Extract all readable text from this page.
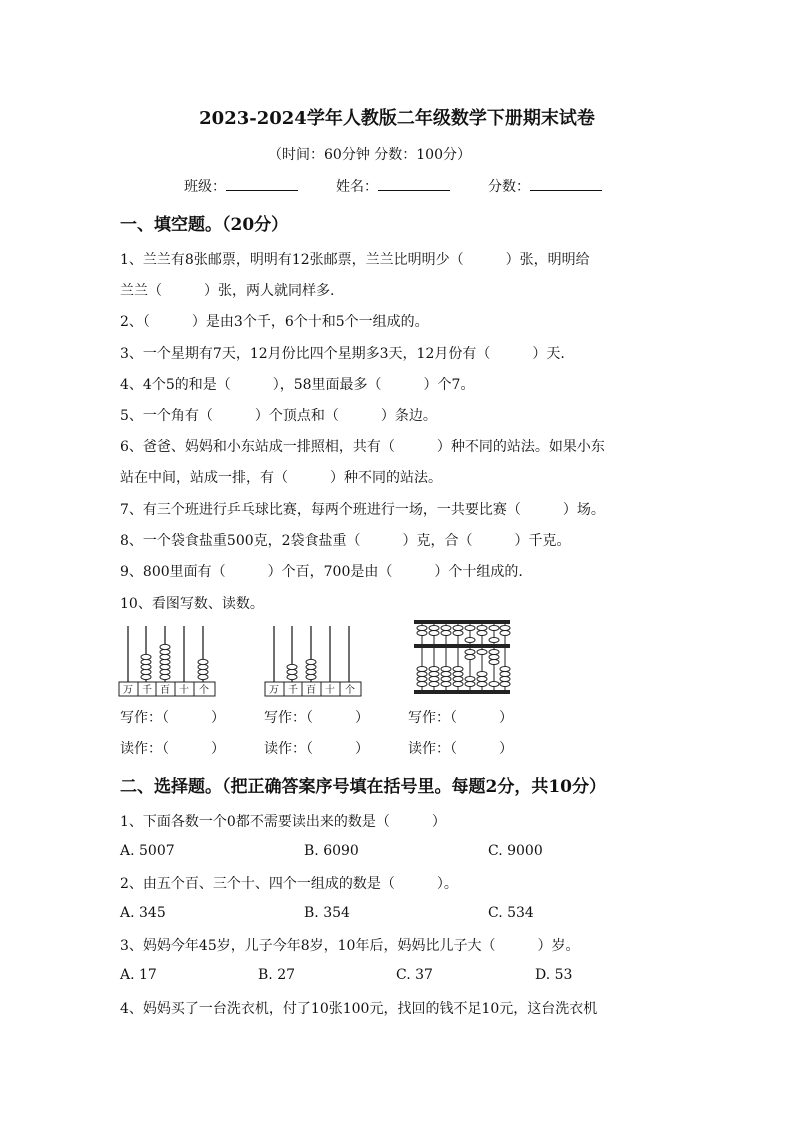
2023-2024学年人教版二年级数学下册期末试卷
（时间：60分钟 分数：100分）
班级：	姓名：	分数：
一、填空题。（20分）
1、兰兰有8张邮票，明明有12张邮票，兰兰比明明少（　　　）张，明明给
兰兰（　　　）张，两人就同样多.
2、（　　　）是由3个千，6个十和5个一组成的。
3、一个星期有7天，12月份比四个星期多3天，12月份有（　　　）天.
4、4个5的和是（　　　），58里面最多（　　　）个7。
5、一个角有（　　　）个顶点和（　　　）条边。
6、爸爸、妈妈和小东站成一排照相，共有（　　　）种不同的站法。如果小东
站在中间，站成一排，有（　　　）种不同的站法。
7、有三个班进行乒乓球比赛，每两个班进行一场，一共要比赛（　　　）场。
8、一个袋食盐重500克，2袋食盐重（　　　）克，合（　　　）千克。
9、800里面有（　　　）个百，700是由（　　　）个十组成的.
10、看图写数、读数。
万 千 百 十 个	万 千 百 十 个
写作：（　　　）	写作：（　　　）	写作：（　　　）
读作：（　　　）	读作：（　　　）	读作：（　　　）
二、选择题。（把正确答案序号填在括号里。每题2分，共10分）
1、下面各数一个0都不需要读出来的数是（　　　）
A. 5007	B. 6090	C. 9000
2、由五个百、三个十、四个一组成的数是（　　　）。
A. 345	B. 354	C. 534
3、妈妈今年45岁，儿子今年8岁，10年后，妈妈比儿子大（　　　）岁。
A. 17	B. 27	C. 37	D. 53
4、妈妈买了一台洗衣机，付了10张100元，找回的钱不足10元，这台洗衣机
